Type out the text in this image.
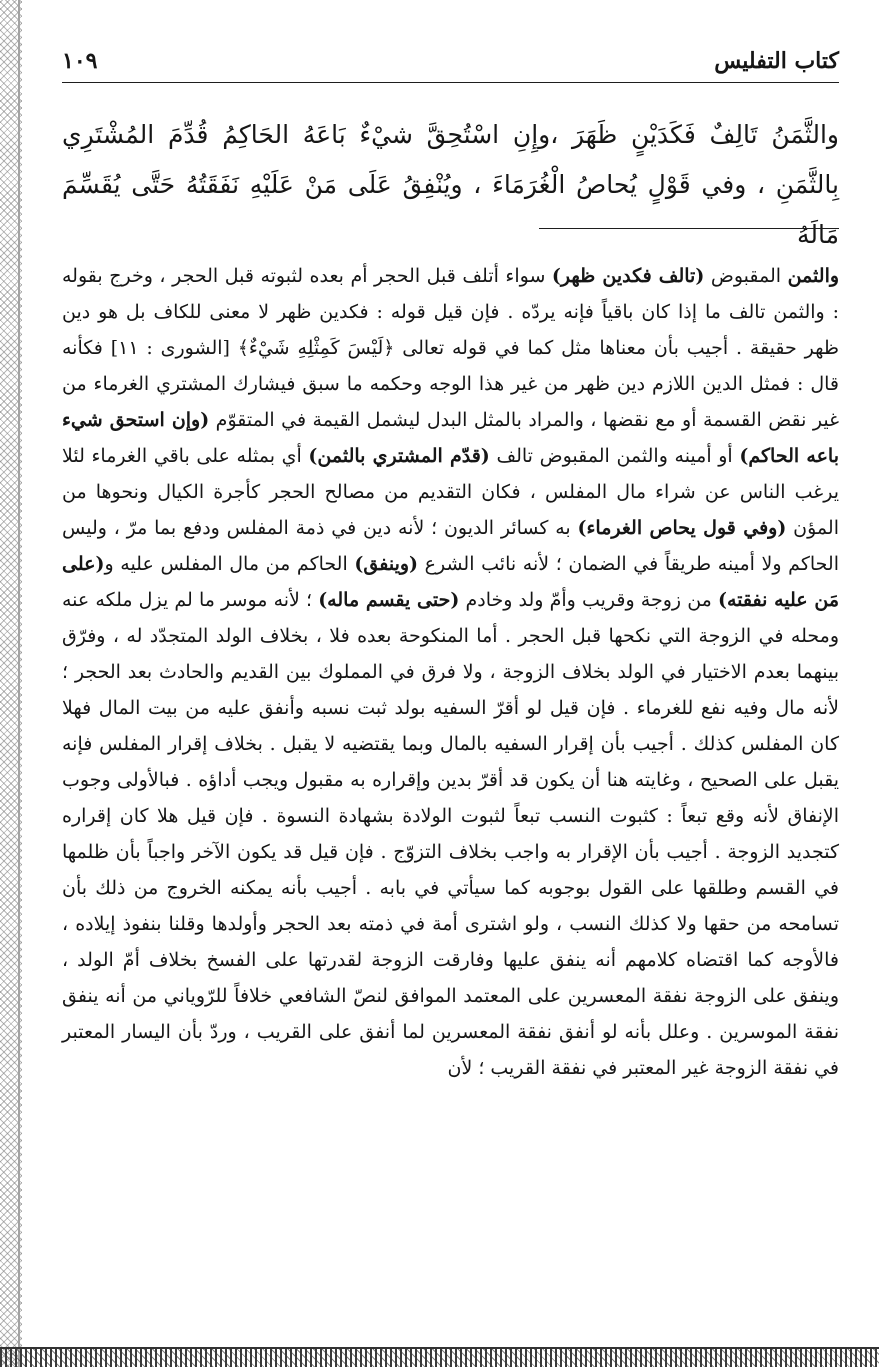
كتاب التفليس
١٠٩

والثَّمَنُ تَالِفٌ فَكَدَيْنٍ ظَهَرَ ،وإِنِ اسْتُحِقَّ شيْءٌ بَاعَهُ الحَاكِمُ قُدِّمَ المُشْتَرِي بِالثَّمَنِ ، وفي قَوْلٍ يُحاصُ الْغُرَمَاءَ ، ويُنْفِقُ عَلَى مَنْ عَلَيْهِ نَفَقَتُهُ حَتَّى يُقَسِّمَ مَالَهُ

والثمن المقبوض (تالف فكدين ظهر) سواء أتلف قبل الحجر أم بعده لثبوته قبل الحجر ، وخرج بقوله : والثمن تالف ما إذا كان باقياً فإنه يردّه . فإن قيل قوله : فكدين ظهر لا معنى للكاف بل هو دين ظهر حقيقة . أجيب بأن معناها مثل كما في قوله تعالى ﴿لَيْسَ كَمِثْلِهِ شَيْءٌ﴾ [الشورى : ١١] فكأنه قال : فمثل الدين اللازم دين ظهر من غير هذا الوجه وحكمه ما سبق فيشارك المشتري الغرماء من غير نقض القسمة أو مع نقضها ، والمراد بالمثل البدل ليشمل القيمة في المتقوّم (وإن استحق شيء باعه الحاكم) أو أمينه والثمن المقبوض تالف (قدّم المشتري بالثمن) أي بمثله على باقي الغرماء لئلا يرغب الناس عن شراء مال المفلس ، فكان التقديم من مصالح الحجر كأجرة الكيال ونحوها من المؤن (وفي قول يحاص الغرماء) به كسائر الديون ؛ لأنه دين في ذمة المفلس ودفع بما مرّ ، وليس الحاكم ولا أمينه طريقاً في الضمان ؛ لأنه نائب الشرع (وينفق) الحاكم من مال المفلس عليه و(على مَن عليه نفقته) من زوجة وقريب وأمّ ولد وخادم (حتى يقسم ماله) ؛ لأنه موسر ما لم يزل ملكه عنه ومحله في الزوجة التي نكحها قبل الحجر . أما المنكوحة بعده فلا ، بخلاف الولد المتجدّد له ، وفرّق بينهما بعدم الاختيار في الولد بخلاف الزوجة ، ولا فرق في المملوك بين القديم والحادث بعد الحجر ؛ لأنه مال وفيه نفع للغرماء . فإن قيل لو أقرّ السفيه بولد ثبت نسبه وأنفق عليه من بيت المال فهلا كان المفلس كذلك . أجيب بأن إقرار السفيه بالمال وبما يقتضيه لا يقبل . بخلاف إقرار المفلس فإنه يقبل على الصحيح ، وغايته هنا أن يكون قد أقرّ بدين وإقراره به مقبول ويجب أداؤه . فبالأولى وجوب الإنفاق لأنه وقع تبعاً : كثبوت النسب تبعاً لثبوت الولادة بشهادة النسوة . فإن قيل هلا كان إقراره كتجديد الزوجة . أجيب بأن الإقرار به واجب بخلاف التزوّج . فإن قيل قد يكون الآخر واجباً بأن ظلمها في القسم وطلقها على القول بوجوبه كما سيأتي في بابه . أجيب بأنه يمكنه الخروج من ذلك بأن تسامحه من حقها ولا كذلك النسب ، ولو اشترى أمة في ذمته بعد الحجر وأولدها وقلنا بنفوذ إيلاده ، فالأوجه كما اقتضاه كلامهم أنه ينفق عليها وفارقت الزوجة لقدرتها على الفسخ بخلاف أمّ الولد ، وينفق على الزوجة نفقة المعسرين على المعتمد الموافق لنصّ الشافعي خلافاً للرّوياني من أنه ينفق نفقة الموسرين . وعلل بأنه لو أنفق نفقة المعسرين لما أنفق على القريب ، وردّ بأن اليسار المعتبر في نفقة الزوجة غير المعتبر في نفقة القريب ؛ لأن
